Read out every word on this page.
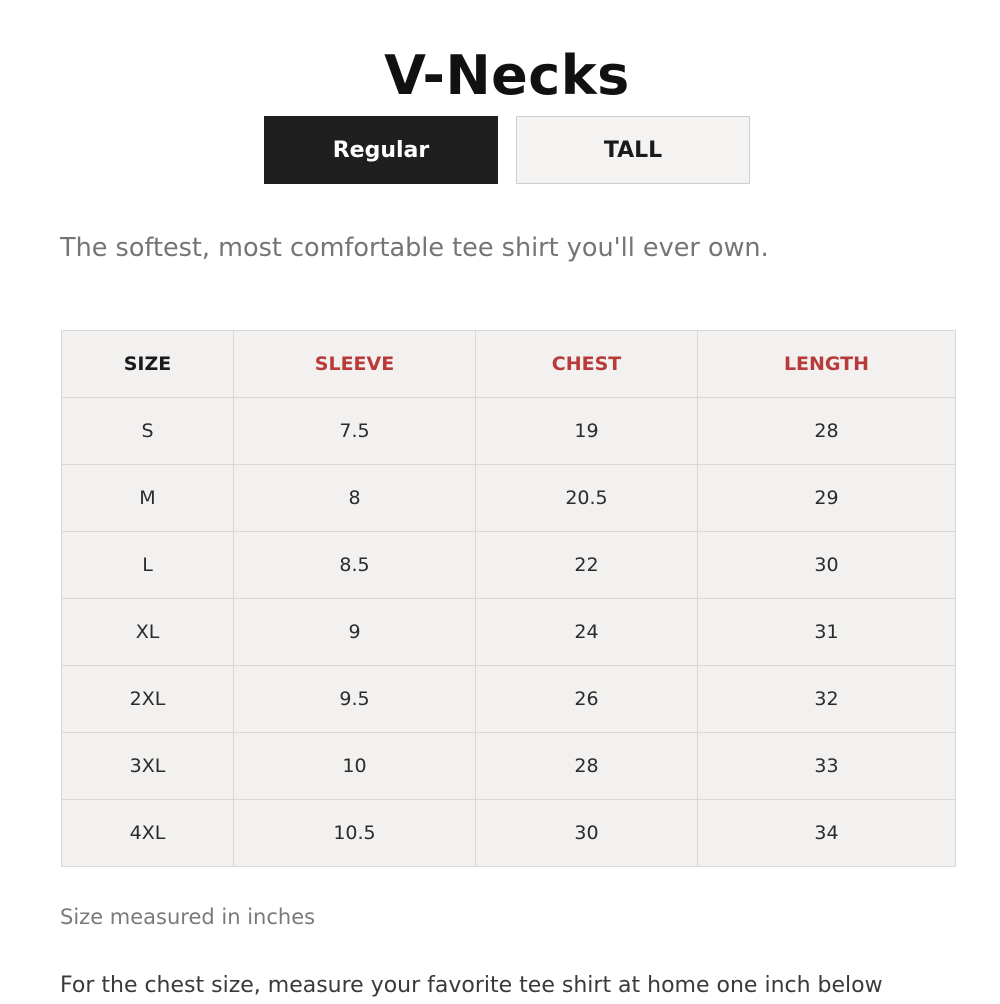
V-Necks
Regular	TALL

The softest, most comfortable tee shirt you'll ever own.

SIZE	SLEEVE	CHEST	LENGTH
S	7.5	19	28
M	8	20.5	29
L	8.5	22	30
XL	9	24	31
2XL	9.5	26	32
3XL	10	28	33
4XL	10.5	30	34
Size measured in inches
For the chest size, measure your favorite tee shirt at home one inch below
